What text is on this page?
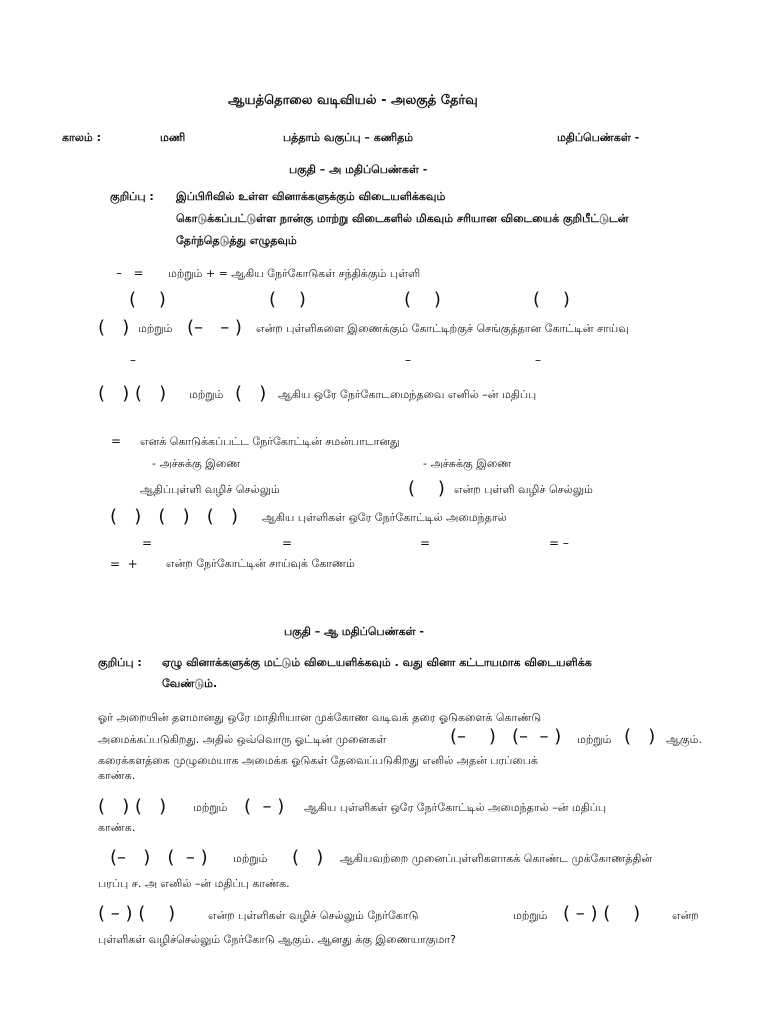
ஆயத்தொலை வடிவியல் - அலகுத் தேர்வு
காலம் :	மணி	பத்தாம் வகுப்பு – கணிதம்	மதிப்பெண்கள் -
பகுதி – அ மதிப்பெண்கள் -
குறிப்பு : இப்பிரிவில் உள்ள வினாக்களுக்கும் விடையளிக்கவும்
கொடுக்கப்பட்டுள்ள நான்கு மாற்று விடைகளில் மிகவும் சரியான விடையைக் குறிபீட்டுடன்
தேர்ந்தெடுத்து எழுதவும்
–   = மற்றும் + = ஆகிய நேர்கோடுகள் சந்திக்கும் புள்ளி
(    )	(    )	(    )	(    )
(   ) மற்றும் (–   – ) என்ற புள்ளிகளை இணைக்கும் கோட்டிற்குச் செங்குத்தான கோட்டின் சாய்வு
–	–	–
(   ) (   ) மற்றும் (   ) ஆகிய ஒரே நேர்கோடமைந்தவை எனில் –ன் மதிப்பு
= எனக் கொடுக்கப்பட்ட நேர்கோட்டின் சமன்பாடானது
- அச்சுக்கு இணை	- அச்சுக்கு இணை
ஆதிப்புள்ளி வழிச் செல்லும்	(    ) என்ற புள்ளி வழிச் செல்லும்
(   )   (   )   (   ) ஆகிய புள்ளிகள் ஒரே நேர்கோட்டில் அமைந்தால்
=	=	=	= –
=  +	என்ற நேர்கோட்டின் சாய்வுக் கோணம்
பகுதி – ஆ மதிப்பெண்கள் -
குறிப்பு : ஏழு வினாக்களுக்கு மட்டும் விடையளிக்கவும் . வது வினா கட்டாயமாக விடையளிக்க
வேண்டும்.
ஓர் அறையின் தளமானது ஒரே மாதிரியான முக்கோண வடிவக் தரை ஓடுகளைக் கொண்டு
அமைக்கப்படுகிறது. அதில் ஒவ்வொரு ஓட்டின் முனைகள்	(–    ) (–  – ) மற்றும் (   ) ஆகும்.
கரைக்களத்கை முழுமையாக அமைக்க ஓடுகள் தேவைப்படுகிறது எனில் அதன் பரப்பைக்
காண்க.
(   ) (   ) மற்றும் (  – ) ஆகிய புள்ளிகள் ஒரே நேர்கோட்டில் அமைந்தால் –ன் மதிப்பு
காண்க.
(–   )   (  – ) மற்றும் (   ) ஆகியவற்றை முனைப்புள்ளிகளாகக் கொண்ட முக்கோணத்தின்
பரப்பு ச. அ எனில் –ன் மதிப்பு காண்க.
( – ) (    )	என்ற புள்ளிகள் வழிச் செல்லும் நேர்கோடு	மற்றும் ( – ) (    )	என்ற
புள்ளிகள் வழிச்செல்லும் நேர்கோடு ஆகும். ஆனது க்கு இணையாகுமா?
